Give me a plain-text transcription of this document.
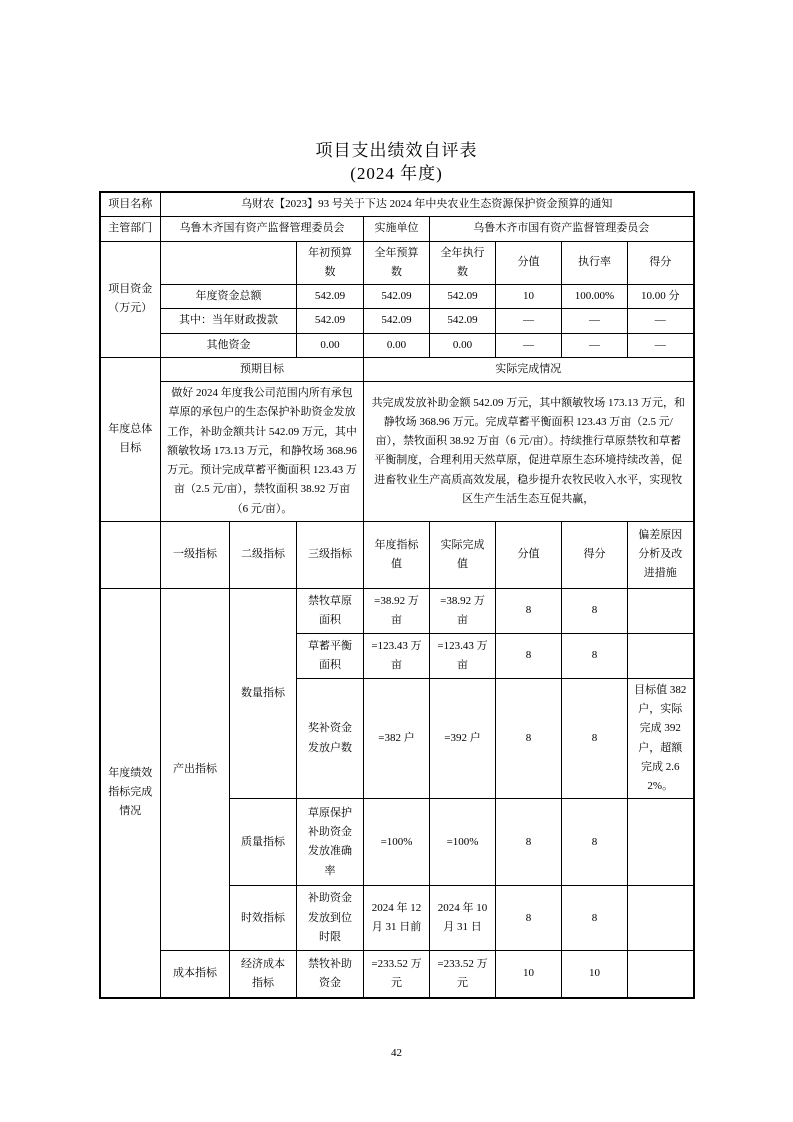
项目支出绩效自评表
(2024 年度)
项目名称	乌财农【2023】93 号关于下达 2024 年中央农业生态资源保护资金预算的通知							
主管部门	乌鲁木齐国有资产监督管理委员会			实施单位	乌鲁木齐市国有资产监督管理委员会			
项目资金（万元）			年初预算数	全年预算数	全年执行数	分值	执行率	得分
	年度资金总额		542.09	542.09	542.09	10	100.00%	10.00 分
	其中：当年财政拨款		542.09	542.09	542.09	—	—	—
	其他资金		0.00	0.00	0.00	—	—	—
年度总体目标	预期目标			实际完成情况				
	做好 2024 年度我公司范围内所有承包草原的承包户的生态保护补助资金发放工作，补助金额共计 542.09 万元，其中额敏牧场 173.13 万元，和静牧场 368.96 万元。预计完成草蓄平衡面积 123.43 万亩（2.5 元/亩），禁牧面积 38.92 万亩（6 元/亩）。			共完成发放补助金额 542.09 万元，其中额敏牧场 173.13 万元，和静牧场 368.96 万元。完成草蓄平衡面积 123.43 万亩（2.5 元/亩），禁牧面积 38.92 万亩（6 元/亩）。持续推行草原禁牧和草蓄平衡制度，合理利用天然草原，促进草原生态环境持续改善，促进畜牧业生产高质高效发展，稳步提升农牧民收入水平，实现牧区生产生活生态互促共赢，				
	一级指标	二级指标	三级指标	年度指标值	实际完成值	分值	得分	偏差原因分析及改进措施
年度绩效指标完成情况	产出指标	数量指标	禁牧草原面积	=38.92 万亩	=38.92 万亩	8	8	
			草蓄平衡面积	=123.43 万亩	=123.43 万亩	8	8	
			奖补资金发放户数	=382 户	=392 户	8	8	目标值 382 户，实际完成 392 户，超额完成 2.62%。
		质量指标	草原保护补助资金发放准确率	=100%	=100%	8	8	
		时效指标	补助资金发放到位时限	2024 年 12 月 31 日前	2024 年 10 月 31 日	8	8	
	成本指标	经济成本指标	禁牧补助资金	=233.52 万元	=233.52 万元	10	10	
42
